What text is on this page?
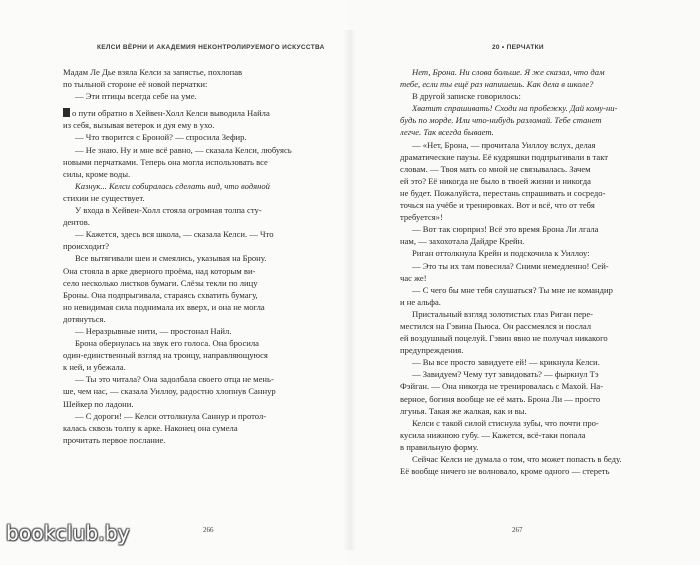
КЕЛСИ ВЁРНИ И АКАДЕМИЯ НЕКОНТРОЛИРУЕМОГО ИСКУССТВА

Мадам Ле Дье взяла Келси за запястье, похлопав

по тыльной стороне её новой перчатки:

— Эти птицы всегда себе на уме.

о пути обратно в Хейвен-Холл Келси выводила Найла

из себя, вызывая ветерок и дуя ему в ухо.

— Что творится с Броной? — спросила Зефир.

— Не знаю. Ну и мне всё равно, — сказала Келси, любуясь

новыми перчатками. Теперь она могла использовать все

силы, кроме воды.

Казнук... Келси собиралась сделать вид, что водяной

стихии не существует.

У входа в Хейвен-Холл стояла огромная толпа сту-

дентов.

— Кажется, здесь вся школа, — сказала Келси. — Что

происходит?

Все вытягивали шеи и смеялись, указывая на Брону.

Она стояла в арке дверного проёма, над которым ви-

село несколько листков бумаги. Слёзы текли по лицу

Броны. Она подпрыгивала, стараясь схватить бумагу,

но невидимая сила поднимала их вверх, и она не могла

дотянуться.

— Неразрывные нити, — простонал Найл.

Брона обернулась на звук его голоса. Она бросила

один-единственный взгляд на троицу, направляющуюся

к ней, и убежала.

— Ты это читала? Она задолбала своего отца не мень-

ше, чем нас, — сказала Уиллоу, радостно хлопнув Саннур

Шейкер по ладони.

— С дороги! — Келси оттолкнула Саннур и протол-

калась сквозь толпу к арке. Наконец она сумела

прочитать первое послание.

266
20 • ПЕРЧАТКИ

Нет, Брона. Ни слова больше. Я же сказал, что дам

тебе, если ты ещё раз напишешь. Как дела в школе?

В другой записке говорилось:

Хватит спрашивать! Сходи на пробежку. Дай кому-ни-

будь по морде. Или что-нибудь разломай. Тебе станет

легче. Так всегда бывает.

— «Нет, Брона, — прочитала Уиллоу вслух, делая

драматические паузы. Её кудряшки подпрыгивали в такт

словам. — Твоя мать со мной не связывалась. Зачем

ей это? Её никогда не было в твоей жизни и никогда

не будет. Пожалуйста, перестань спрашивать и сосредо-

точься на учёбе и тренировках. Вот и всё, что от тебя

требуется»!

— Вот так сюрприз! Всё это время Брона Ли лгала

нам, — захохотала Дайдре Крейн.

Риган оттолкнула Крейн и подскочила к Уиллоу:

— Это ты их там повесила? Сними немедленно! Сей-

час же!

— С чего бы мне тебя слушаться? Ты мне не командир

и не альфа.

Пристальный взгляд золотистых глаз Риган пере-

местился на Гэвина Пьюса. Он рассмеялся и послал

ей воздушный поцелуй. Гэвин явно не получал никакого

предупреждения.

— Вы все просто завидуете ей! — крикнула Келси.

— Завидуем? Чему тут завидовать? — фыркнул Тэ

Фэйган. — Она никогда не тренировалась с Махой. На-

верное, богиня вообще не её мать. Брона Ли — просто

лгунья. Такая же жалкая, как и вы.

Келси с такой силой стиснула зубы, что почти про-

кусила нижнюю губу. — Кажется, всё-таки попала

в правильную форму.

Сейчас Келси не думала о том, что может попасть в беду.

Её вообще ничего не волновало, кроме одного — стереть

267
bookclub.by
